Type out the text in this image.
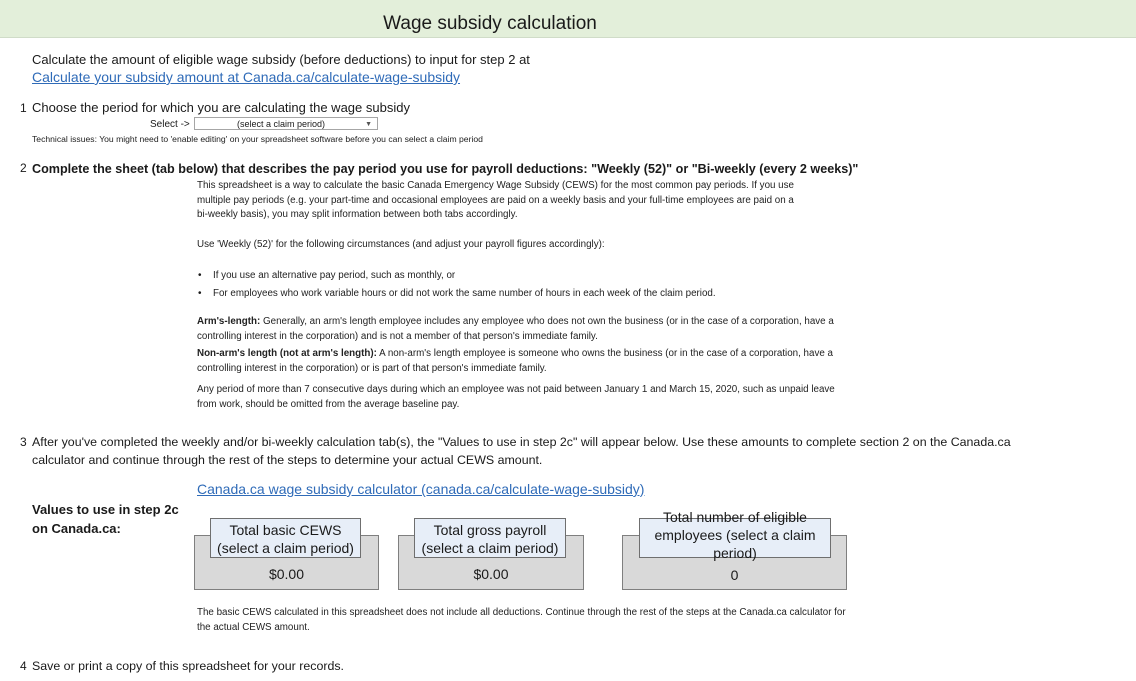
Wage subsidy calculation
Calculate the amount of eligible wage subsidy (before deductions) to input for step 2 at
Calculate your subsidy amount at Canada.ca/calculate-wage-subsidy
1 Choose the period for which you are calculating the wage subsidy
Select ->	(select a claim period)	▼
Technical issues: You might need to 'enable editing' on your spreadsheet software before you can select a claim period
2 Complete the sheet (tab below) that describes the pay period you use for payroll deductions: "Weekly (52)" or "Bi-weekly (every 2 weeks)"
This spreadsheet is a way to calculate the basic Canada Emergency Wage Subsidy (CEWS) for the most common pay periods. If you use
multiple pay periods (e.g. your part-time and occasional employees are paid on a weekly basis and your full-time employees are paid on a
bi-weekly basis), you may split information between both tabs accordingly.
Use 'Weekly (52)' for the following circumstances (and adjust your payroll figures accordingly):
• If you use an alternative pay period, such as monthly, or
• For employees who work variable hours or did not work the same number of hours in each week of the claim period.
Arm's-length: Generally, an arm's length employee includes any employee who does not own the business (or in the case of a corporation, have a
controlling interest in the corporation) and is not a member of that person's immediate family.
Non-arm's length (not at arm's length): A non-arm's length employee is someone who owns the business (or in the case of a corporation, have a
controlling interest in the corporation) or is part of that person's immediate family.
Any period of more than 7 consecutive days during which an employee was not paid between January 1 and March 15, 2020, such as unpaid leave
from work, should be omitted from the average baseline pay.
3 After you've completed the weekly and/or bi-weekly calculation tab(s), the "Values to use in step 2c" will appear below. Use these amounts to complete section 2 on the Canada.ca
calculator and continue through the rest of the steps to determine your actual CEWS amount.
Canada.ca wage subsidy calculator (canada.ca/calculate-wage-subsidy)
Values to use in step 2c
on Canada.ca:
$0.00
Total basic CEWS
(select a claim period)
$0.00
Total gross payroll
(select a claim period)
0
Total number of eligible
employees (select a claim
period)
The basic CEWS calculated in this spreadsheet does not include all deductions. Continue through the rest of the steps at the Canada.ca calculator for
the actual CEWS amount.
4 Save or print a copy of this spreadsheet for your records.
